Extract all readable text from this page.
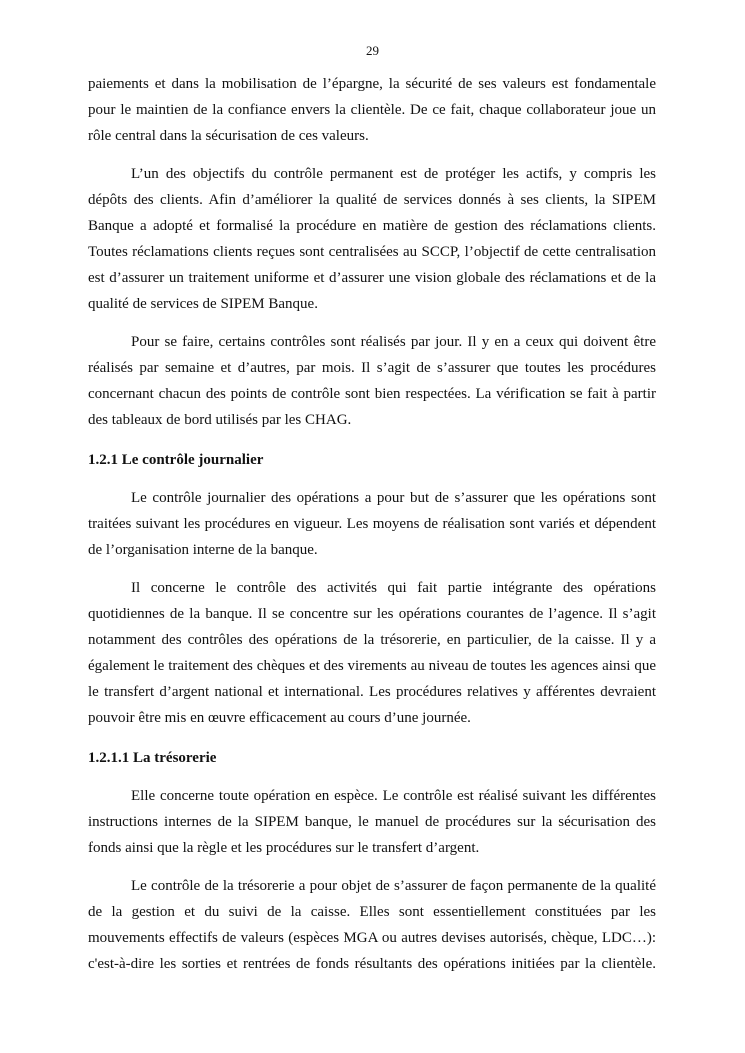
29
paiements et dans la mobilisation de l’épargne, la sécurité de ses valeurs est fondamentale
pour le maintien de la confiance envers la clientèle. De ce fait, chaque collaborateur joue un
rôle central dans la sécurisation de ces valeurs.
L’un des objectifs du contrôle permanent est de protéger les actifs, y compris les
dépôts des clients. Afin d’améliorer la qualité de services donnés à ses clients, la SIPEM
Banque a adopté et formalisé la procédure en matière de gestion des réclamations clients.
Toutes réclamations clients reçues sont centralisées au SCCP, l’objectif de cette centralisation
est d’assurer un traitement uniforme et d’assurer une vision globale des réclamations et de la
qualité de services de SIPEM Banque.
Pour se faire, certains contrôles sont réalisés par jour. Il y en a ceux qui doivent être
réalisés par semaine et d’autres, par mois. Il s’agit de s’assurer que toutes les procédures
concernant chacun des points de contrôle sont bien respectées. La vérification se fait à partir
des tableaux de bord utilisés par les CHAG.
1.2.1 Le contrôle journalier
Le contrôle journalier des opérations a pour but de s’assurer que les opérations sont
traitées suivant les procédures en vigueur. Les moyens de réalisation sont variés et dépendent
de l’organisation interne de la banque.
Il concerne le contrôle des activités qui fait partie intégrante des opérations
quotidiennes de la banque. Il se concentre sur les opérations courantes de l’agence. Il s’agit
notamment des contrôles des opérations de la trésorerie, en particulier, de la caisse. Il y a
également le traitement des chèques et des virements au niveau de toutes les agences ainsi que
le transfert d’argent national et international. Les procédures relatives y afférentes devraient
pouvoir être mis en œuvre efficacement au cours d’une journée.
1.2.1.1 La trésorerie
Elle concerne toute opération en espèce. Le contrôle est réalisé suivant les différentes
instructions internes de la SIPEM banque, le manuel de procédures sur la sécurisation des
fonds ainsi que la règle et les procédures sur le transfert d’argent.
Le contrôle de la trésorerie a pour objet de s’assurer de façon permanente de la qualité
de la gestion et du suivi de la caisse. Elles sont essentiellement constituées par les
mouvements effectifs de valeurs (espèces MGA ou autres devises autorisés, chèque, LDC…):
c'est-à-dire les sorties et rentrées de fonds résultants des opérations initiées par la clientèle.
